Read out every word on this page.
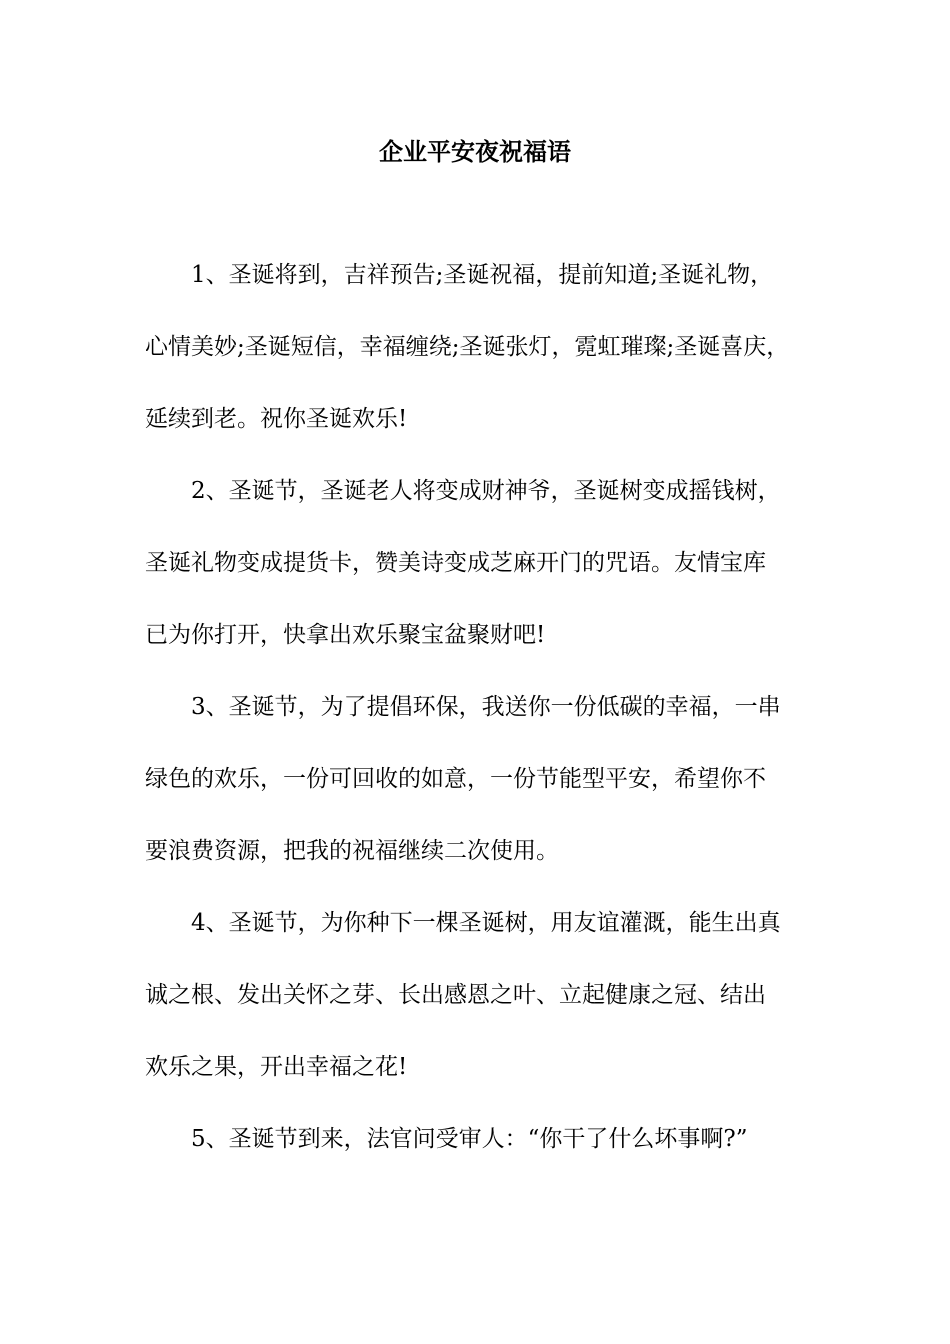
企业平安夜祝福语
1、圣诞将到，吉祥预告;圣诞祝福，提前知道;圣诞礼物，
心情美妙;圣诞短信，幸福缠绕;圣诞张灯，霓虹璀璨;圣诞喜庆，
延续到老。祝你圣诞欢乐!
2、圣诞节，圣诞老人将变成财神爷，圣诞树变成摇钱树，
圣诞礼物变成提货卡，赞美诗变成芝麻开门的咒语。友情宝库
已为你打开，快拿出欢乐聚宝盆聚财吧!
3、圣诞节，为了提倡环保，我送你一份低碳的幸福，一串
绿色的欢乐，一份可回收的如意，一份节能型平安，希望你不
要浪费资源，把我的祝福继续二次使用。
4、圣诞节，为你种下一棵圣诞树，用友谊灌溉，能生出真
诚之根、发出关怀之芽、长出感恩之叶、立起健康之冠、结出
欢乐之果，开出幸福之花!
5、圣诞节到来，法官问受审人：“你干了什么坏事啊?”
